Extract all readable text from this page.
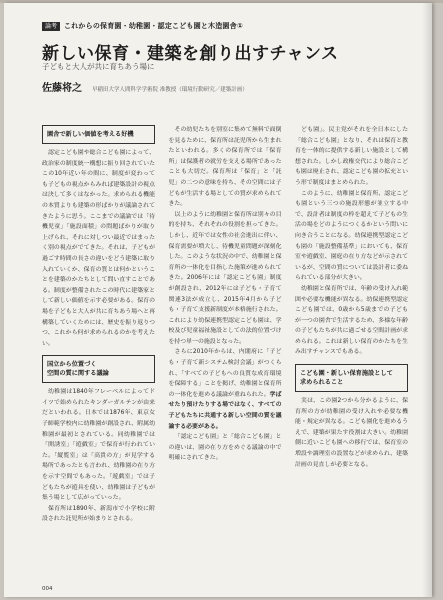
論考	これからの保育園・幼稚園・認定こども園と木造園舎①
新しい保育・建築を創り出すチャンス
子どもと大人が共に育ちあう場に
佐藤将之 早稲田大学人間科学学術院 准教授（環境行動研究／建築計画）
園舎で新しい価値を考える好機

認定こども園や総合こども園によって、政治家の制度統一構想に振り回されていたこの10年近い年の間に、制度が変わっても子どもの視点からみれば建築設計の視点は決して多くはなかった。求められる機能の本質よりも建築の形ばかりが議論されてきたように思う。ここまでの議論では「待機児童」「施設面積」の問題ばかりが取り上げられ、それに対しつい最近ではまったく別の視点がでてきた。それは、子どもが過ごす時間の長さの違いをどう建築に取り入れていくか、保育の質とは何かということを建築のかたちとして問い直すことである。制度が整備されたこの時代に建築家として新しい価値を示す必要がある。保育の場を子どもと大人が共に育ちあう場へと再構築していくためには、歴史を振り返りつつ、これから何が求められるのかを考えたい。

国立から位置づく
空間の質に関する議論

幼稚園は1840年フレーベルによってドイツで始められたキンダーガルテンが由来だといわれる。日本では1876年、東京女子師範学校内に幼稚園が創設され、附属幼稚園が最初とされている。同幼稚園では「開誘室」「遊戯室」で保育が行われていた。「縦覧室」は「高貴の方」が見学する場所であったとも言われ、幼稚園の在り方を示す空間でもあった。「遊戯室」では子どもたちが遊具を使い、幼稚園は子どもが集う場として広がっていった。

保育所は1890年、新潟市で小学校に附設された託児所が始まりとされる。

その幼児たちを別室に集めて無料で面倒を見るために、保育所は託児所から生まれたといわれる。多くの保育所では「保育所」は保護者の就労を支える場所であったことも大切だ。保育所は「保育」と「託児」の二つの意味を持ち、その空間には子どもが生活する場としての質が求められてきた。

以上のように幼稚園と保育所は別々の目的を持ち、それぞれの役割を担ってきた。しかし、近年では女性の社会進出に伴い、保育需要が増大し、待機児童問題が深刻化した。このような状況の中で、幼稚園と保育所の一体化を目指した施策が進められてきた。2006年には「認定こども園」制度が創設され、2012年には子ども・子育て関連3法が成立し、2015年4月から子ども・子育て支援新制度が本格施行された。これにより幼保連携型認定こども園は、学校及び児童福祉施設としての法的位置づけを持つ単一の施設となった。

さらに2010年からは、内閣府に「子ども・子育て新システム検討会議」がつくられ、「すべての子どもへの良質な成育環境を保障する」ことを掲げ、幼稚園と保育所の一体化を進める議論が重ねられた。学ばせたり預けたりする場ではなく、すべての子どもたちに共通する新しい空間の質を議論する必要がある。

「認定こども園」と「総合こども園」との違いは、園の在り方をめぐる議論の中で明確にされてきた。

ども園」。民主党がそれを全日本にした「総合こども園」となり、それは保育と教育を一体的に提供する新しい施設として構想された。しかし政権交代により総合こども園は廃止され、認定こども園の拡充という形で制度はまとめられた。

このように、幼稚園と保育所、認定こども園という三つの施設形態が並立する中で、設計者は制度の枠を超えて子どもの生活の場をどのようにつくるかという問いに向き合うことになる。幼保連携型認定こども園の「施設整備基準」においても、保育室や遊戯室、園庭の在り方などが示されているが、空間の質については設計者に委ねられている部分が大きい。

幼稚園と保育所では、年齢の受け入れ範囲や必要な機能が異なる。幼保連携型認定こども園では、0歳から5歳までの子どもが一つの園舎で生活するため、多様な年齢の子どもたちが共に過ごせる空間計画が求められる。これは新しい保育のかたちを生み出すチャンスでもある。

こども園・新しい保育施設として
求められること

実は、この園2つから分かるように、保育所の方が幼稚園の受け入れや必要な機能・規定が異なる。こども園化を進めるうえで、建築が果たす役割は大きい。幼稚園側に近いこども園への移行では、保育室の増設や調理室の設置などが求められ、建築計画の見直しが必要となる。

004
